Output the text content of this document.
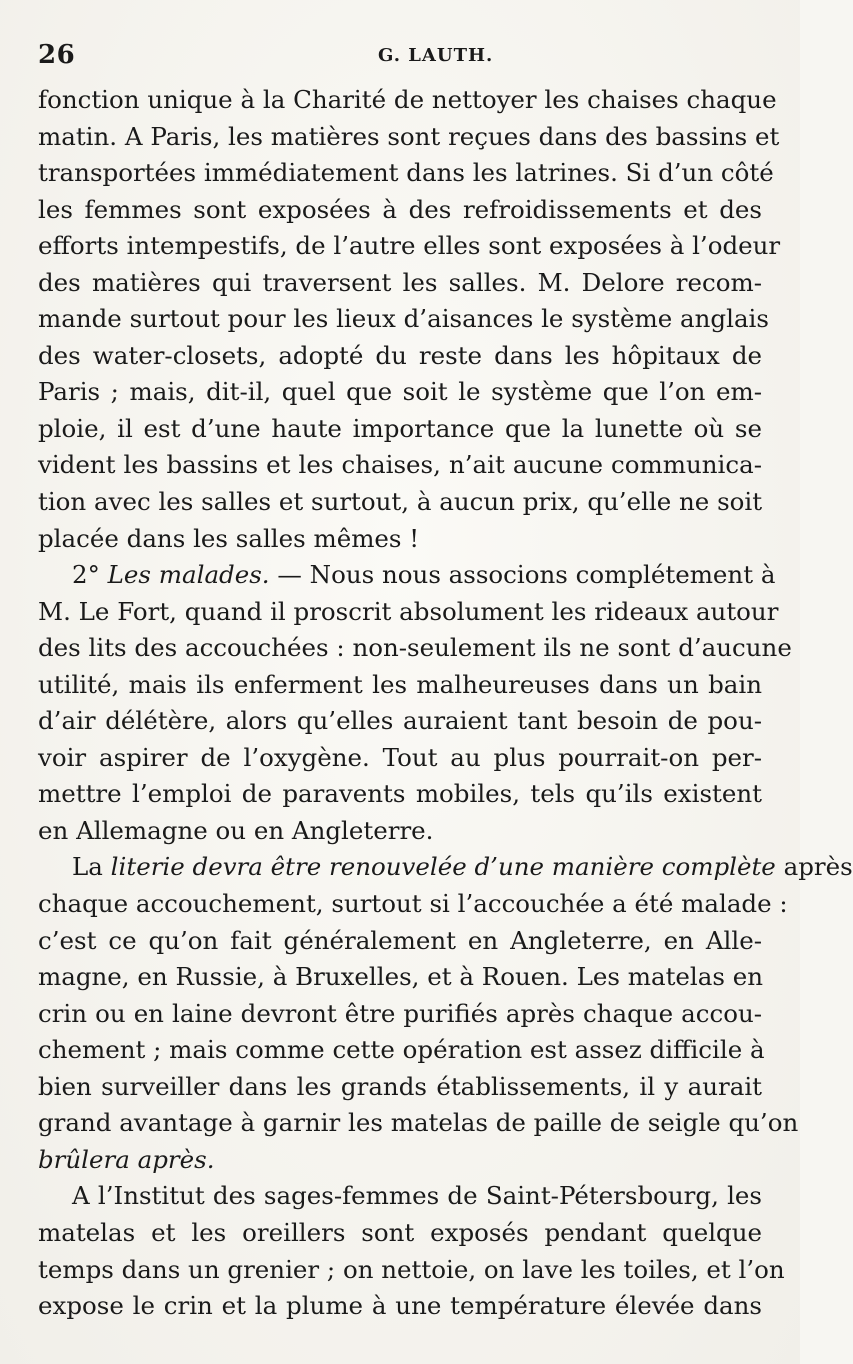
26	G. LAUTH.
fonction unique à la Charité de nettoyer les chaises chaque
matin. A Paris, les matières sont reçues dans des bassins et
transportées immédiatement dans les latrines. Si d’un côté
les femmes sont exposées à des refroidissements et des
efforts intempestifs, de l’autre elles sont exposées à l’odeur
des matières qui traversent les salles. M. Delore recom-
mande surtout pour les lieux d’aisances le système anglais
des water-closets, adopté du reste dans les hôpitaux de
Paris ; mais, dit-il, quel que soit le système que l’on em-
ploie, il est d’une haute importance que la lunette où se
vident les bassins et les chaises, n’ait aucune communica-
tion avec les salles et surtout, à aucun prix, qu’elle ne soit
placée dans les salles mêmes !
2° Les malades. — Nous nous associons complétement à
M. Le Fort, quand il proscrit absolument les rideaux autour
des lits des accouchées : non-seulement ils ne sont d’aucune
utilité, mais ils enferment les malheureuses dans un bain
d’air délétère, alors qu’elles auraient tant besoin de pou-
voir aspirer de l’oxygène. Tout au plus pourrait-on per-
mettre l’emploi de paravents mobiles, tels qu’ils existent
en Allemagne ou en Angleterre.
La literie devra être renouvelée d’une manière complète après
chaque accouchement, surtout si l’accouchée a été malade :
c’est ce qu’on fait généralement en Angleterre, en Alle-
magne, en Russie, à Bruxelles, et à Rouen. Les matelas en
crin ou en laine devront être purifiés après chaque accou-
chement ; mais comme cette opération est assez difficile à
bien surveiller dans les grands établissements, il y aurait
grand avantage à garnir les matelas de paille de seigle qu’on
brûlera après.
A l’Institut des sages-femmes de Saint-Pétersbourg, les
matelas et les oreillers sont exposés pendant quelque
temps dans un grenier ; on nettoie, on lave les toiles, et l’on
expose le crin et la plume à une température élevée dans
